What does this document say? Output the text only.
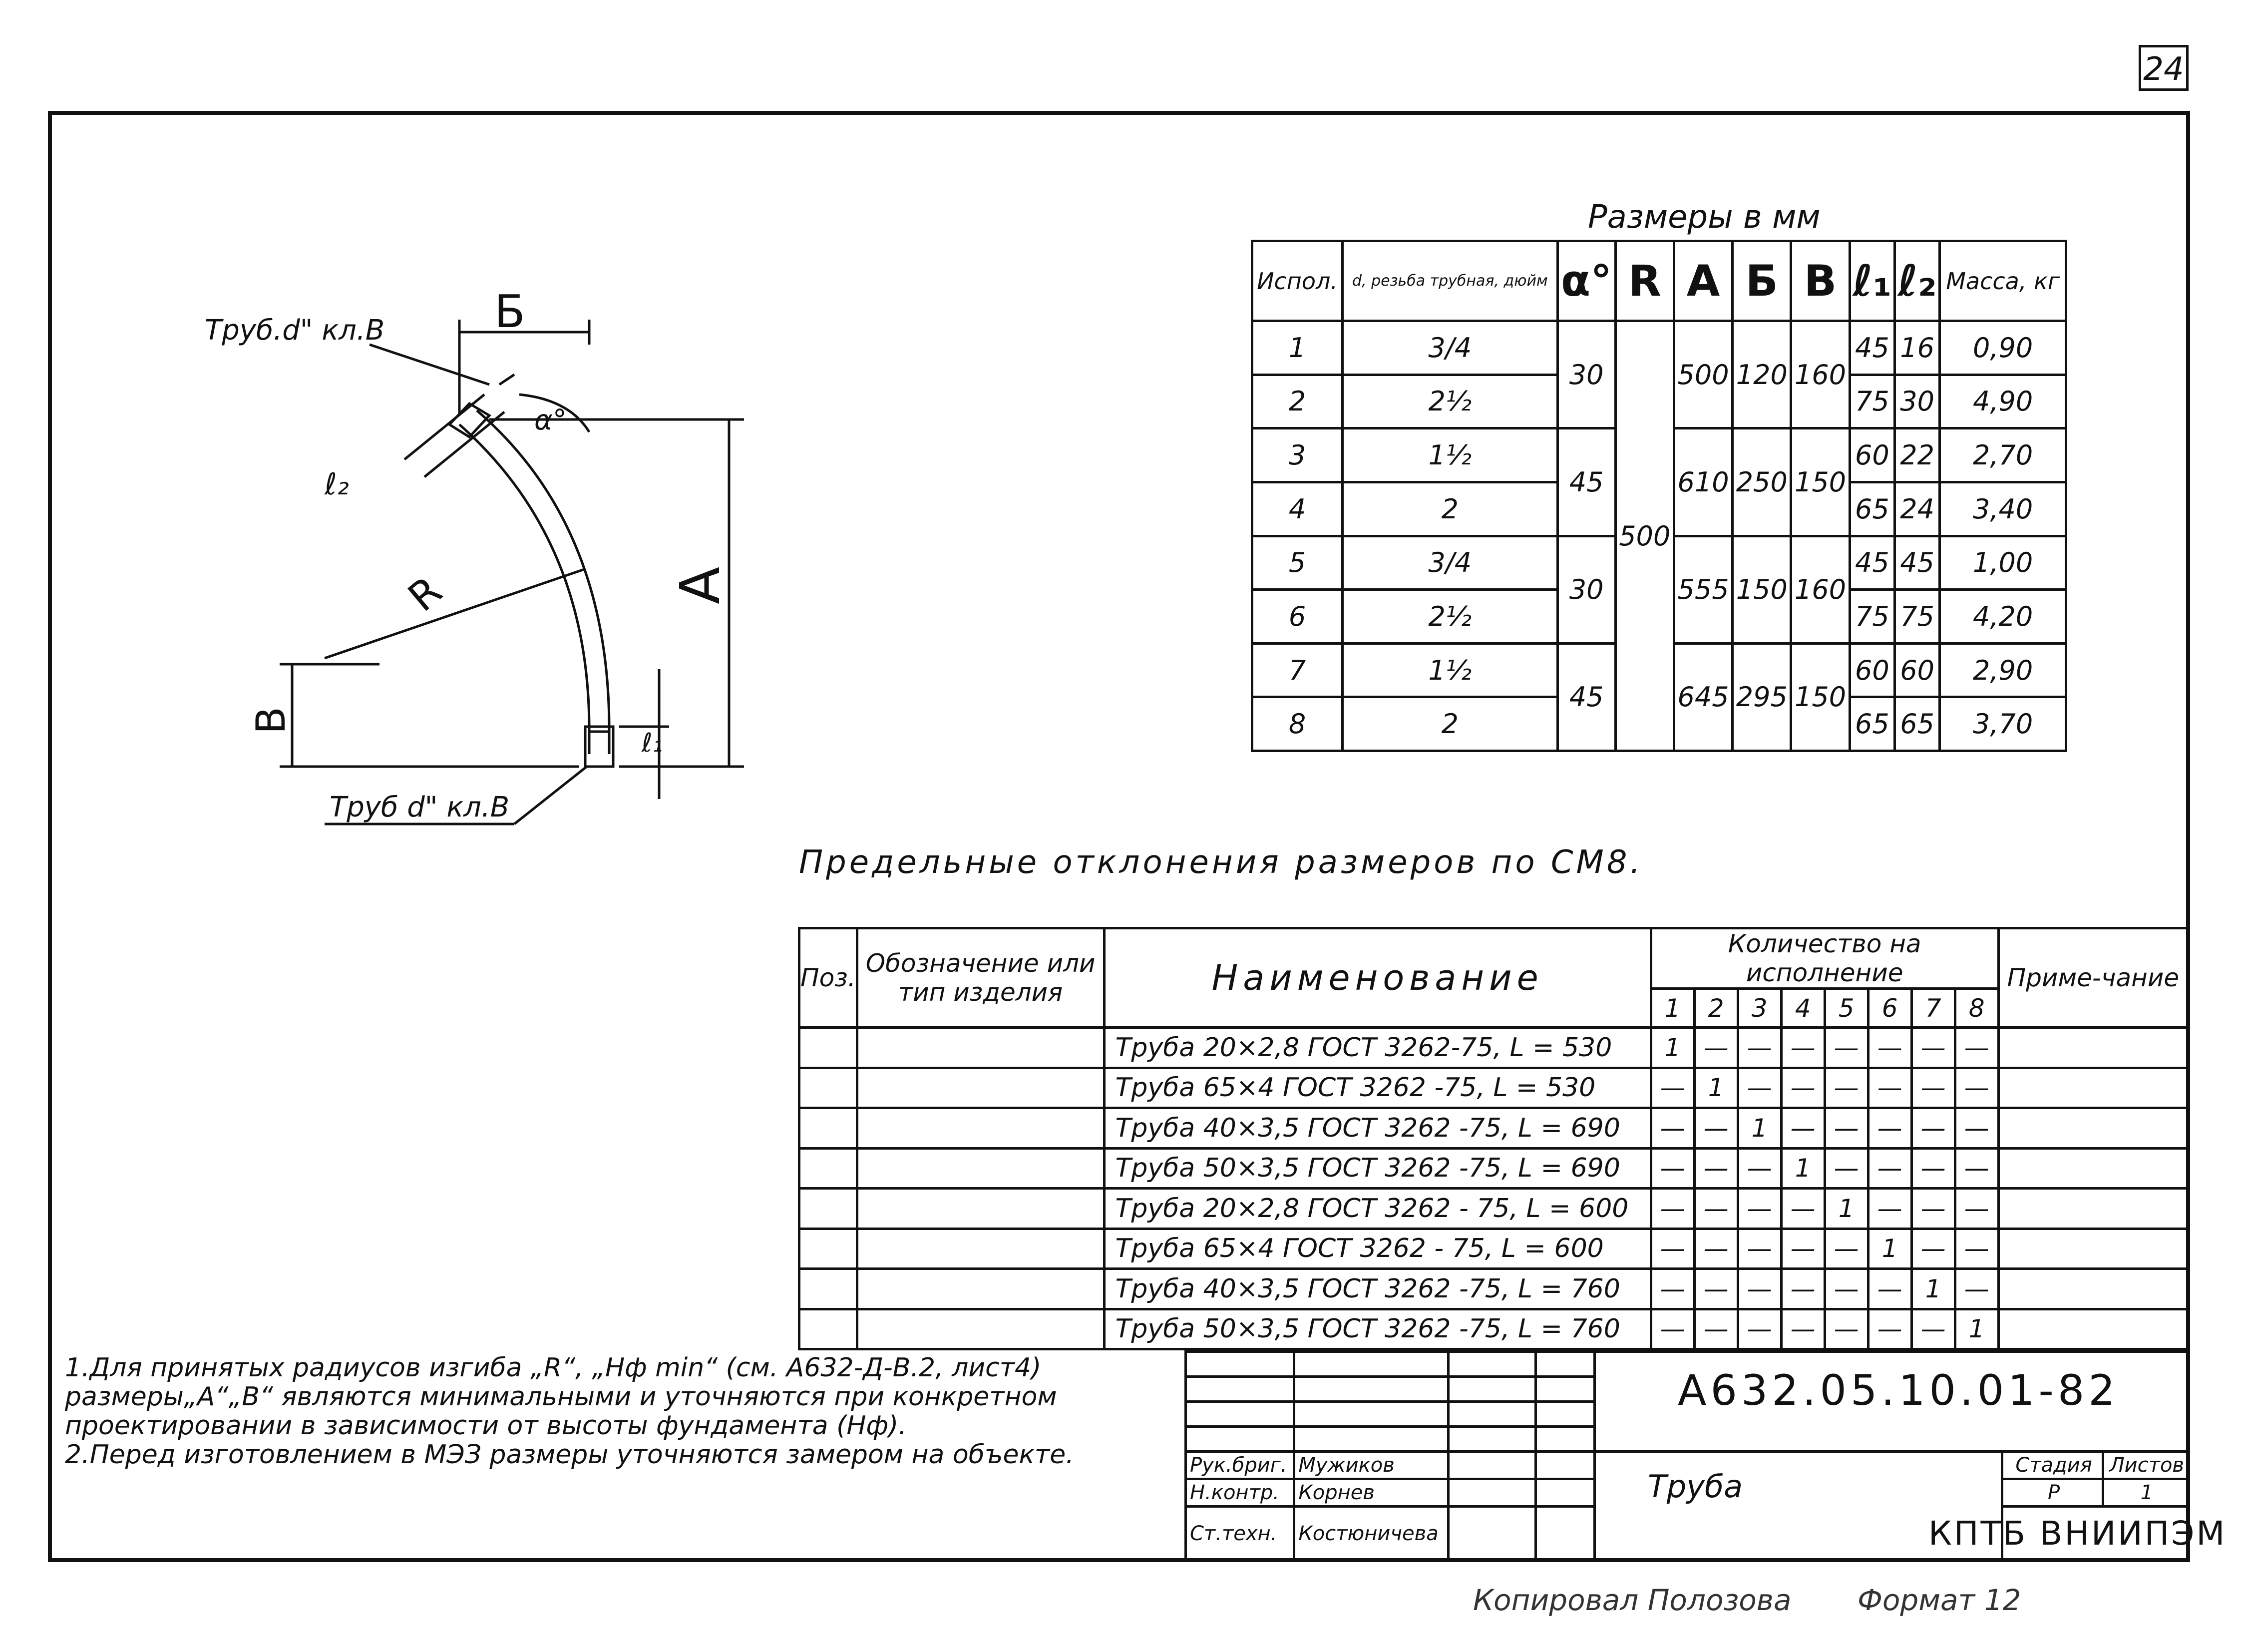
24
Труб.d" кл.В
Труб d" кл.В
Б
A
В
R
α°
ℓ₁
ℓ₂
Размеры в мм
Испол.	d, резьба трубная, дюйм	α°	R	A	Б	В	ℓ₁	ℓ₂	Масса, кг
1	3/4	30	500	500	120	160	45	16	0,90
2	2½						75	30	4,90
3	1½	45		610	250	150	60	22	2,70
4	2						65	24	3,40
5	3/4	30		555	150	160	45	45	1,00
6	2½						75	75	4,20
7	1½	45		645	295	150	60	60	2,90
8	2						65	65	3,70
Предельные отклонения размеров по СМ8.
Поз.	Обозначение или тип изделия	Наименование	Количество на исполнение								Приме-чание
			1	2	3	4	5	6	7	8	
		Труба 20×2,8 ГОСТ 3262-75, L = 530	1	—	—	—	—	—	—	—	
		Труба 65×4 ГОСТ 3262 -75, L = 530	—	1	—	—	—	—	—	—	
		Труба 40×3,5 ГОСТ 3262 -75, L = 690	—	—	1	—	—	—	—	—	
		Труба 50×3,5 ГОСТ 3262 -75, L = 690	—	—	—	1	—	—	—	—	
		Труба 20×2,8 ГОСТ 3262 - 75, L = 600	—	—	—	—	1	—	—	—	
		Труба 65×4 ГОСТ 3262 - 75, L = 600	—	—	—	—	—	1	—	—	
		Труба 40×3,5 ГОСТ 3262 -75, L = 760	—	—	—	—	—	—	1	—	
		Труба 50×3,5 ГОСТ 3262 -75, L = 760	—	—	—	—	—	—	—	1	
1.Для принятых радиусов изгиба „R“, „Нф min“ (см. А632-Д-В.2, лист4) размеры„А“„В“ являются минимальными и уточняются при конкретном проектировании в зависимости от высоты фундамента (Нф).
2.Перед изготовлением в МЭЗ размеры уточняются замером на объекте.

				Рук.бриг.	Мужиков				Стадия	Листов
Н.контр.	Корнев				Р	1
Ст.техн.	Костюничева					
А632.05.10.01-82
Труба
КПТБ ВНИИПЭМ
Копировал Полозова Формат 12
